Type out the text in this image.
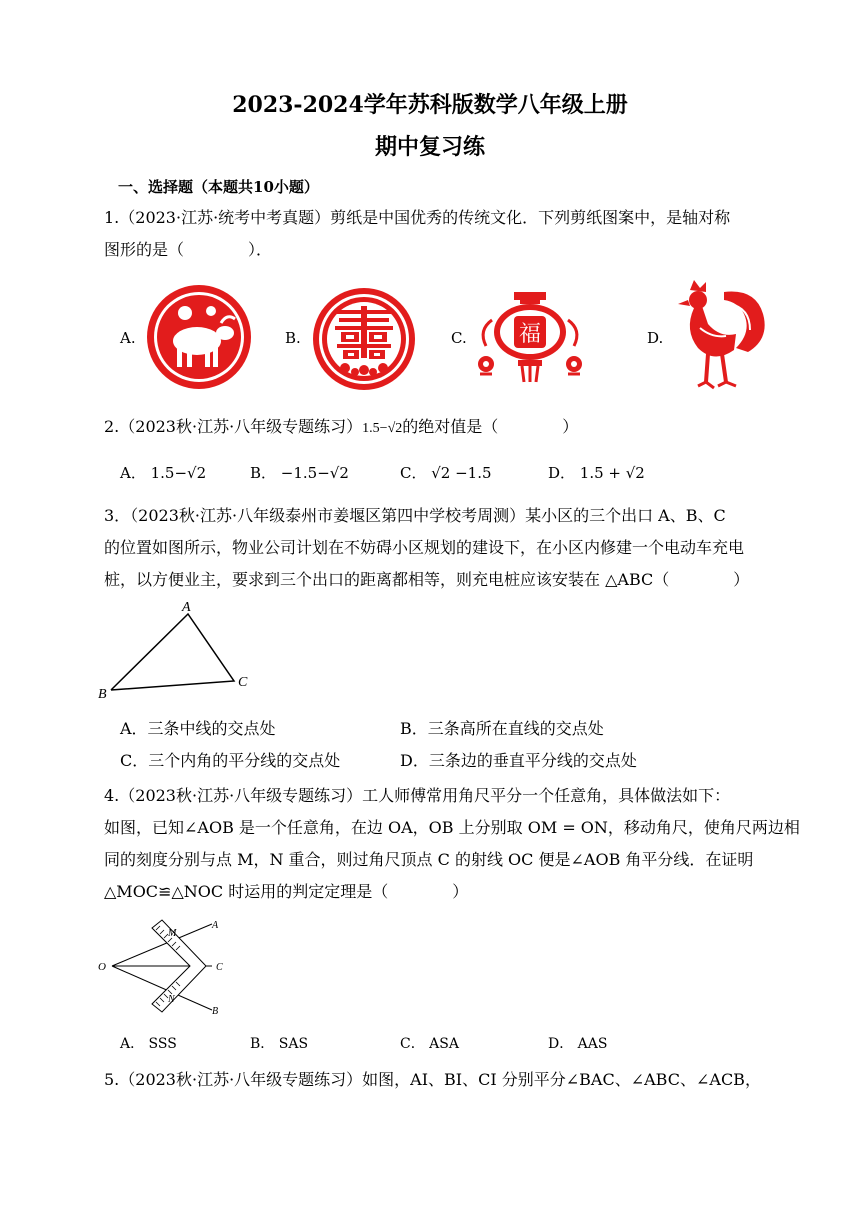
2023-2024学年苏科版数学八年级上册
期中复习练
一、选择题（本题共10小题）
1.（2023·江苏·统考中考真题）剪纸是中国优秀的传统文化．下列剪纸图案中，是轴对称
图形的是（　　　　）．
A.	B.	C. 福	D.
2.（2023秋·江苏·八年级专题练习）1.5−√2的绝对值是（　　　　）
A． 1.5−√2	B． −1.5−√2	C． √2 −1.5	D． 1.5 + √2
3．（2023秋·江苏·八年级泰州市姜堰区第四中学校考周测）某小区的三个出口 A、B、C
的位置如图所示，物业公司计划在不妨碍小区规划的建设下，在小区内修建一个电动车充电
桩，以方便业主，要求到三个出口的距离都相等，则充电桩应该安装在 △ABC（　　　　）
A
B
C
A．三条中线的交点处	B．三条高所在直线的交点处
C．三个内角的平分线的交点处	D．三条边的垂直平分线的交点处
4.（2023秋·江苏·八年级专题练习）工人师傅常用角尺平分一个任意角，具体做法如下：
如图，已知∠AOB 是一个任意角，在边 OA，OB 上分别取 OM = ON，移动角尺，使角尺两边相
同的刻度分别与点 M，N 重合，则过角尺顶点 C 的射线 OC 便是∠AOB 角平分线．在证明
△MOC≌△NOC 时运用的判定定理是（　　　　）
O
A
B
C
M
N
A． SSS	B． SAS	C． ASA	D． AAS
5.（2023秋·江苏·八年级专题练习）如图，AI、BI、CI 分别平分∠BAC、∠ABC、∠ACB，
